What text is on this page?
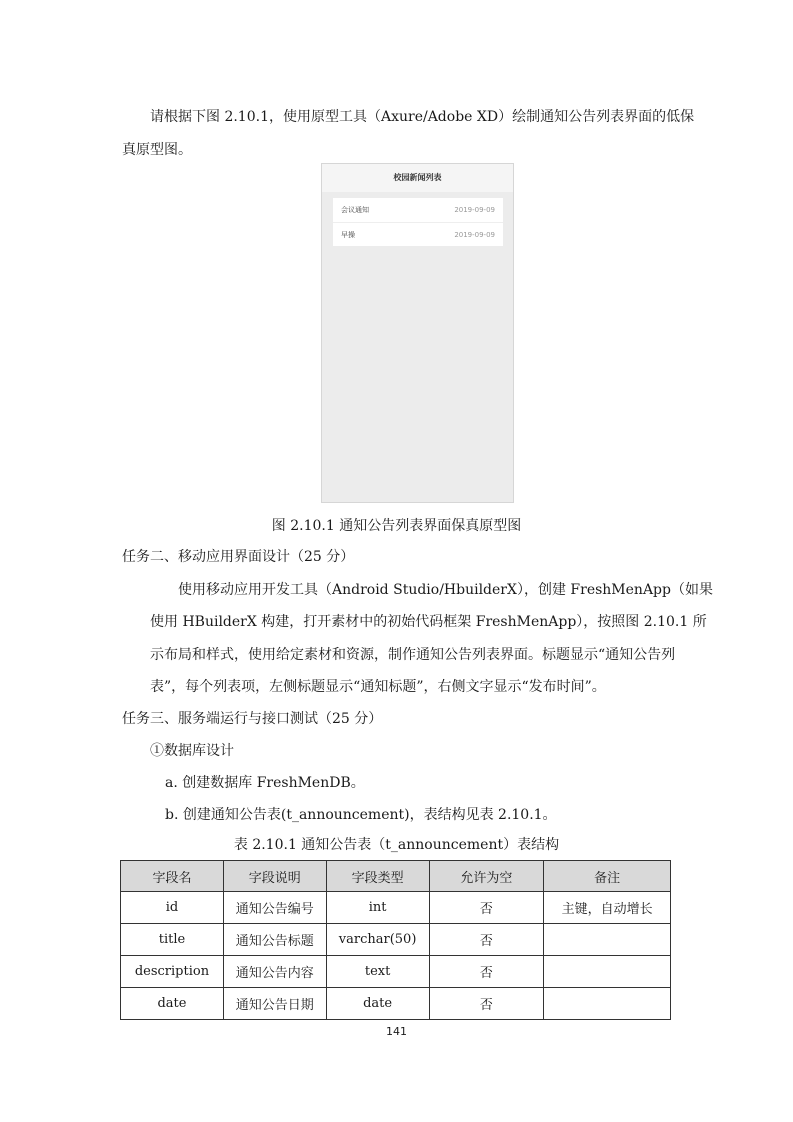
请根据下图 2.10.1，使用原型工具（Axure/Adobe XD）绘制通知公告列表界面的低保
真原型图。
校园新闻列表
会议通知	2019-09-09
早操	2019-09-09
图 2.10.1 通知公告列表界面保真原型图
任务二、移动应用界面设计（25 分）
使用移动应用开发工具（Android Studio/HbuilderX），创建 FreshMenApp（如果
使用 HBuilderX 构建，打开素材中的初始代码框架 FreshMenApp），按照图 2.10.1 所
示布局和样式，使用给定素材和资源，制作通知公告列表界面。标题显示“通知公告列
表”，每个列表项，左侧标题显示“通知标题”，右侧文字显示“发布时间”。
任务三、服务端运行与接口测试（25 分）
①数据库设计
a. 创建数据库 FreshMenDB。
b. 创建通知公告表(t_announcement)，表结构见表 2.10.1。
表 2.10.1 通知公告表（t_announcement）表结构
字段名	字段说明	字段类型	允许为空	备注
id	通知公告编号	int	否	主键，自动增长
title	通知公告标题	varchar(50)	否	
description	通知公告内容	text	否	
date	通知公告日期	date	否	
141
